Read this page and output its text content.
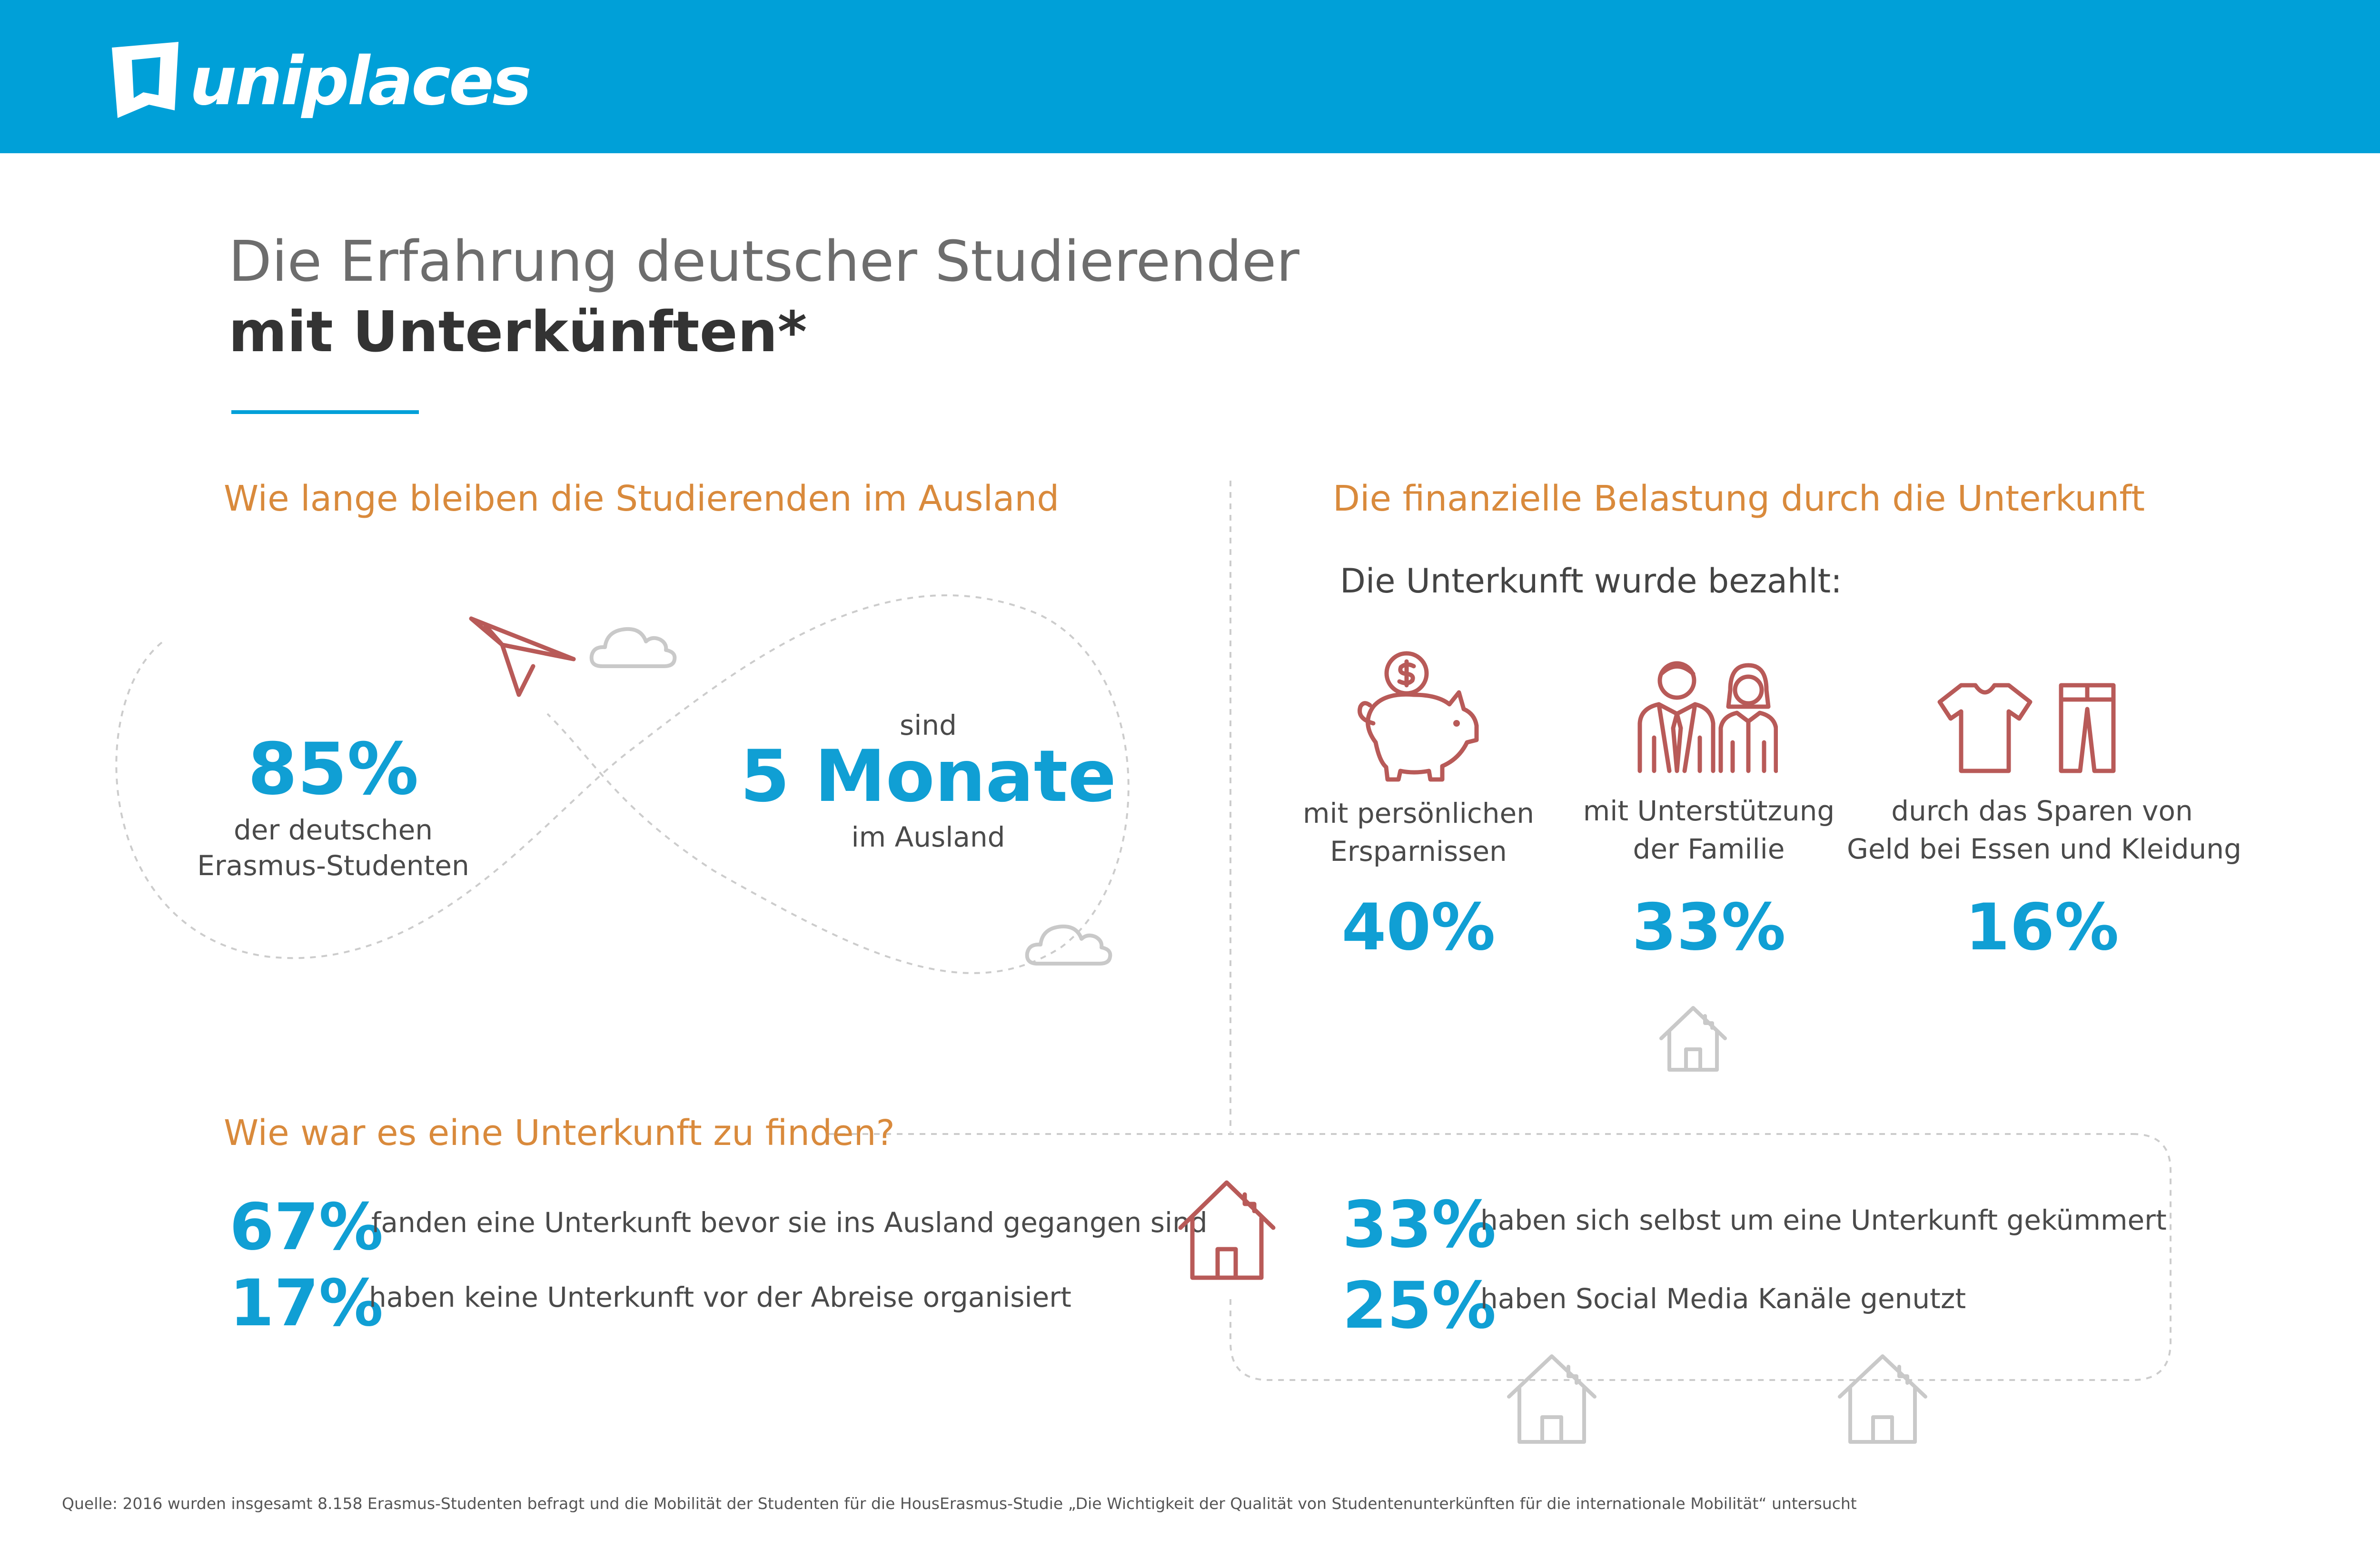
uniplaces
Die Erfahrung deutscher Studierender
mit Unterkünften*
Wie lange bleiben die Studierenden im Ausland
85%
der deutschen
Erasmus-Studenten
sind
5 Monate
im Ausland
Die finanzielle Belastung durch die Unterkunft
Die Unterkunft wurde bezahlt:
mit persönlichen
Ersparnissen
40%
mit Unterstützung
der Familie
33%
durch das Sparen von
Geld bei Essen und Kleidung
16%
Wie war es eine Unterkunft zu finden?
67%
fanden eine Unterkunft bevor sie ins Ausland gegangen sind
17%
haben keine Unterkunft vor der Abreise organisiert
33%
haben sich selbst um eine Unterkunft gekümmert
25%
haben Social Media Kanäle genutzt
Quelle: 2016 wurden insgesamt 8.158 Erasmus-Studenten befragt und die Mobilität der Studenten für die HousErasmus-Studie „Die Wichtigkeit der Qualität von Studentenunterkünften für die internationale Mobilität“ untersucht
